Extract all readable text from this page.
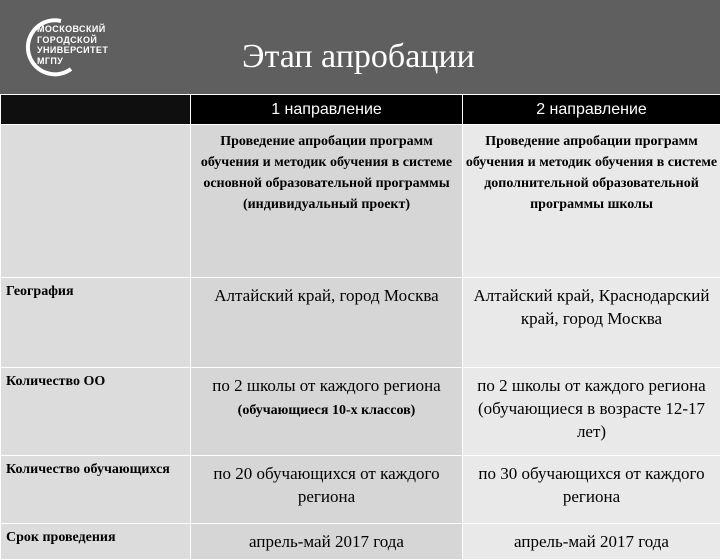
МОСКОВСКИЙ
ГОРОДСКОЙ
УНИВЕРСИТЕТ
МГПУ	Этап апробации
	1 направление	2 направление
	Проведение апробации программ обучения и методик обучения в системе основной образовательной программы (индивидуальный проект)	Проведение апробации программ обучения и методик обучения в системе дополнительной образовательной программы школы
География	Алтайский край, город Москва	Алтайский край, Краснодарский край, город Москва
Количество ОО	по 2 школы от каждого региона (обучающиеся 10-х классов)	по 2 школы от каждого региона (обучающиеся в возрасте 12-17 лет)
Количество обучающихся	по 20 обучающихся от каждого региона	по 30 обучающихся от каждого региона
Срок проведения	апрель-май 2017 года	апрель-май 2017 года
